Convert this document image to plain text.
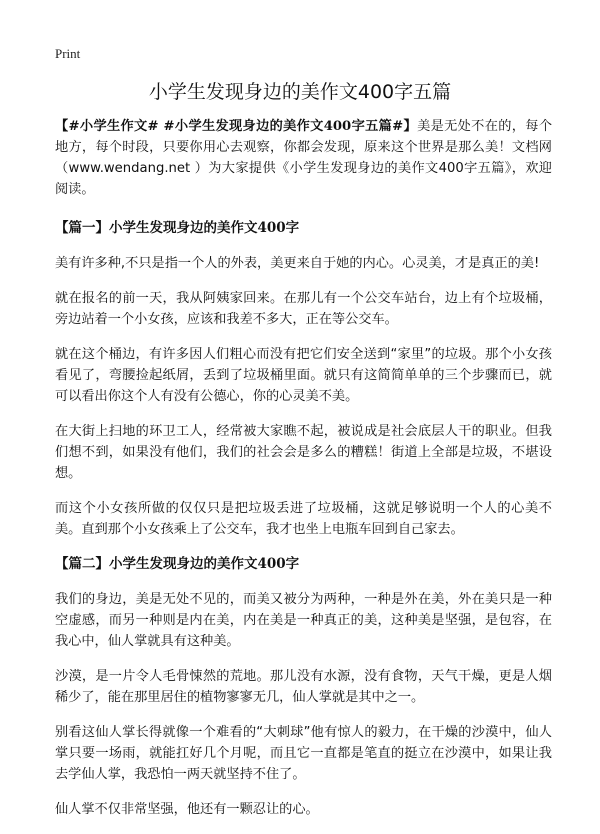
Print
小学生发现身边的美作文400字五篇

【#小学生作文# #小学生发现身边的美作文400字五篇#】美是无处不在的，每个地方，每个时段，只要你用心去观察，你都会发现，原来这个世界是那么美！文档网（www.wendang.net ）为大家提供《小学生发现身边的美作文400字五篇》，欢迎阅读。

【篇一】小学生发现身边的美作文400字

美有许多种,不只是指一个人的外表，美更来自于她的内心。心灵美，才是真正的美!

就在报名的前一天，我从阿姨家回来。在那儿有一个公交车站台，边上有个垃圾桶，旁边站着一个小女孩，应该和我差不多大，正在等公交车。

就在这个桶边，有许多因人们粗心而没有把它们安全送到“家里”的垃圾。那个小女孩看见了，弯腰捡起纸屑，丢到了垃圾桶里面。就只有这简简单单的三个步骤而已，就可以看出你这个人有没有公德心，你的心灵美不美。

在大街上扫地的环卫工人，经常被大家瞧不起，被说成是社会底层人干的职业。但我们想不到，如果没有他们，我们的社会会是多么的糟糕！街道上全部是垃圾，不堪设想。

而这个小女孩所做的仅仅只是把垃圾丢进了垃圾桶，这就足够说明一个人的心美不美。直到那个小女孩乘上了公交车，我才也坐上电瓶车回到自己家去。

【篇二】小学生发现身边的美作文400字

我们的身边，美是无处不见的，而美又被分为两种，一种是外在美，外在美只是一种空虚感，而另一种则是内在美，内在美是一种真正的美，这种美是坚强，是包容，在我心中，仙人掌就具有这种美。

沙漠，是一片令人毛骨悚然的荒地。那儿没有水源，没有食物，天气干燥，更是人烟稀少了，能在那里居住的植物寥寥无几，仙人掌就是其中之一。

别看这仙人掌长得就像一个难看的“大刺球”他有惊人的毅力，在干燥的沙漠中，仙人掌只要一场雨，就能扛好几个月呢，而且它一直都是笔直的挺立在沙漠中，如果让我去学仙人掌，我恐怕一两天就坚持不住了。

仙人掌不仅非常坚强，他还有一颗忍让的心。
